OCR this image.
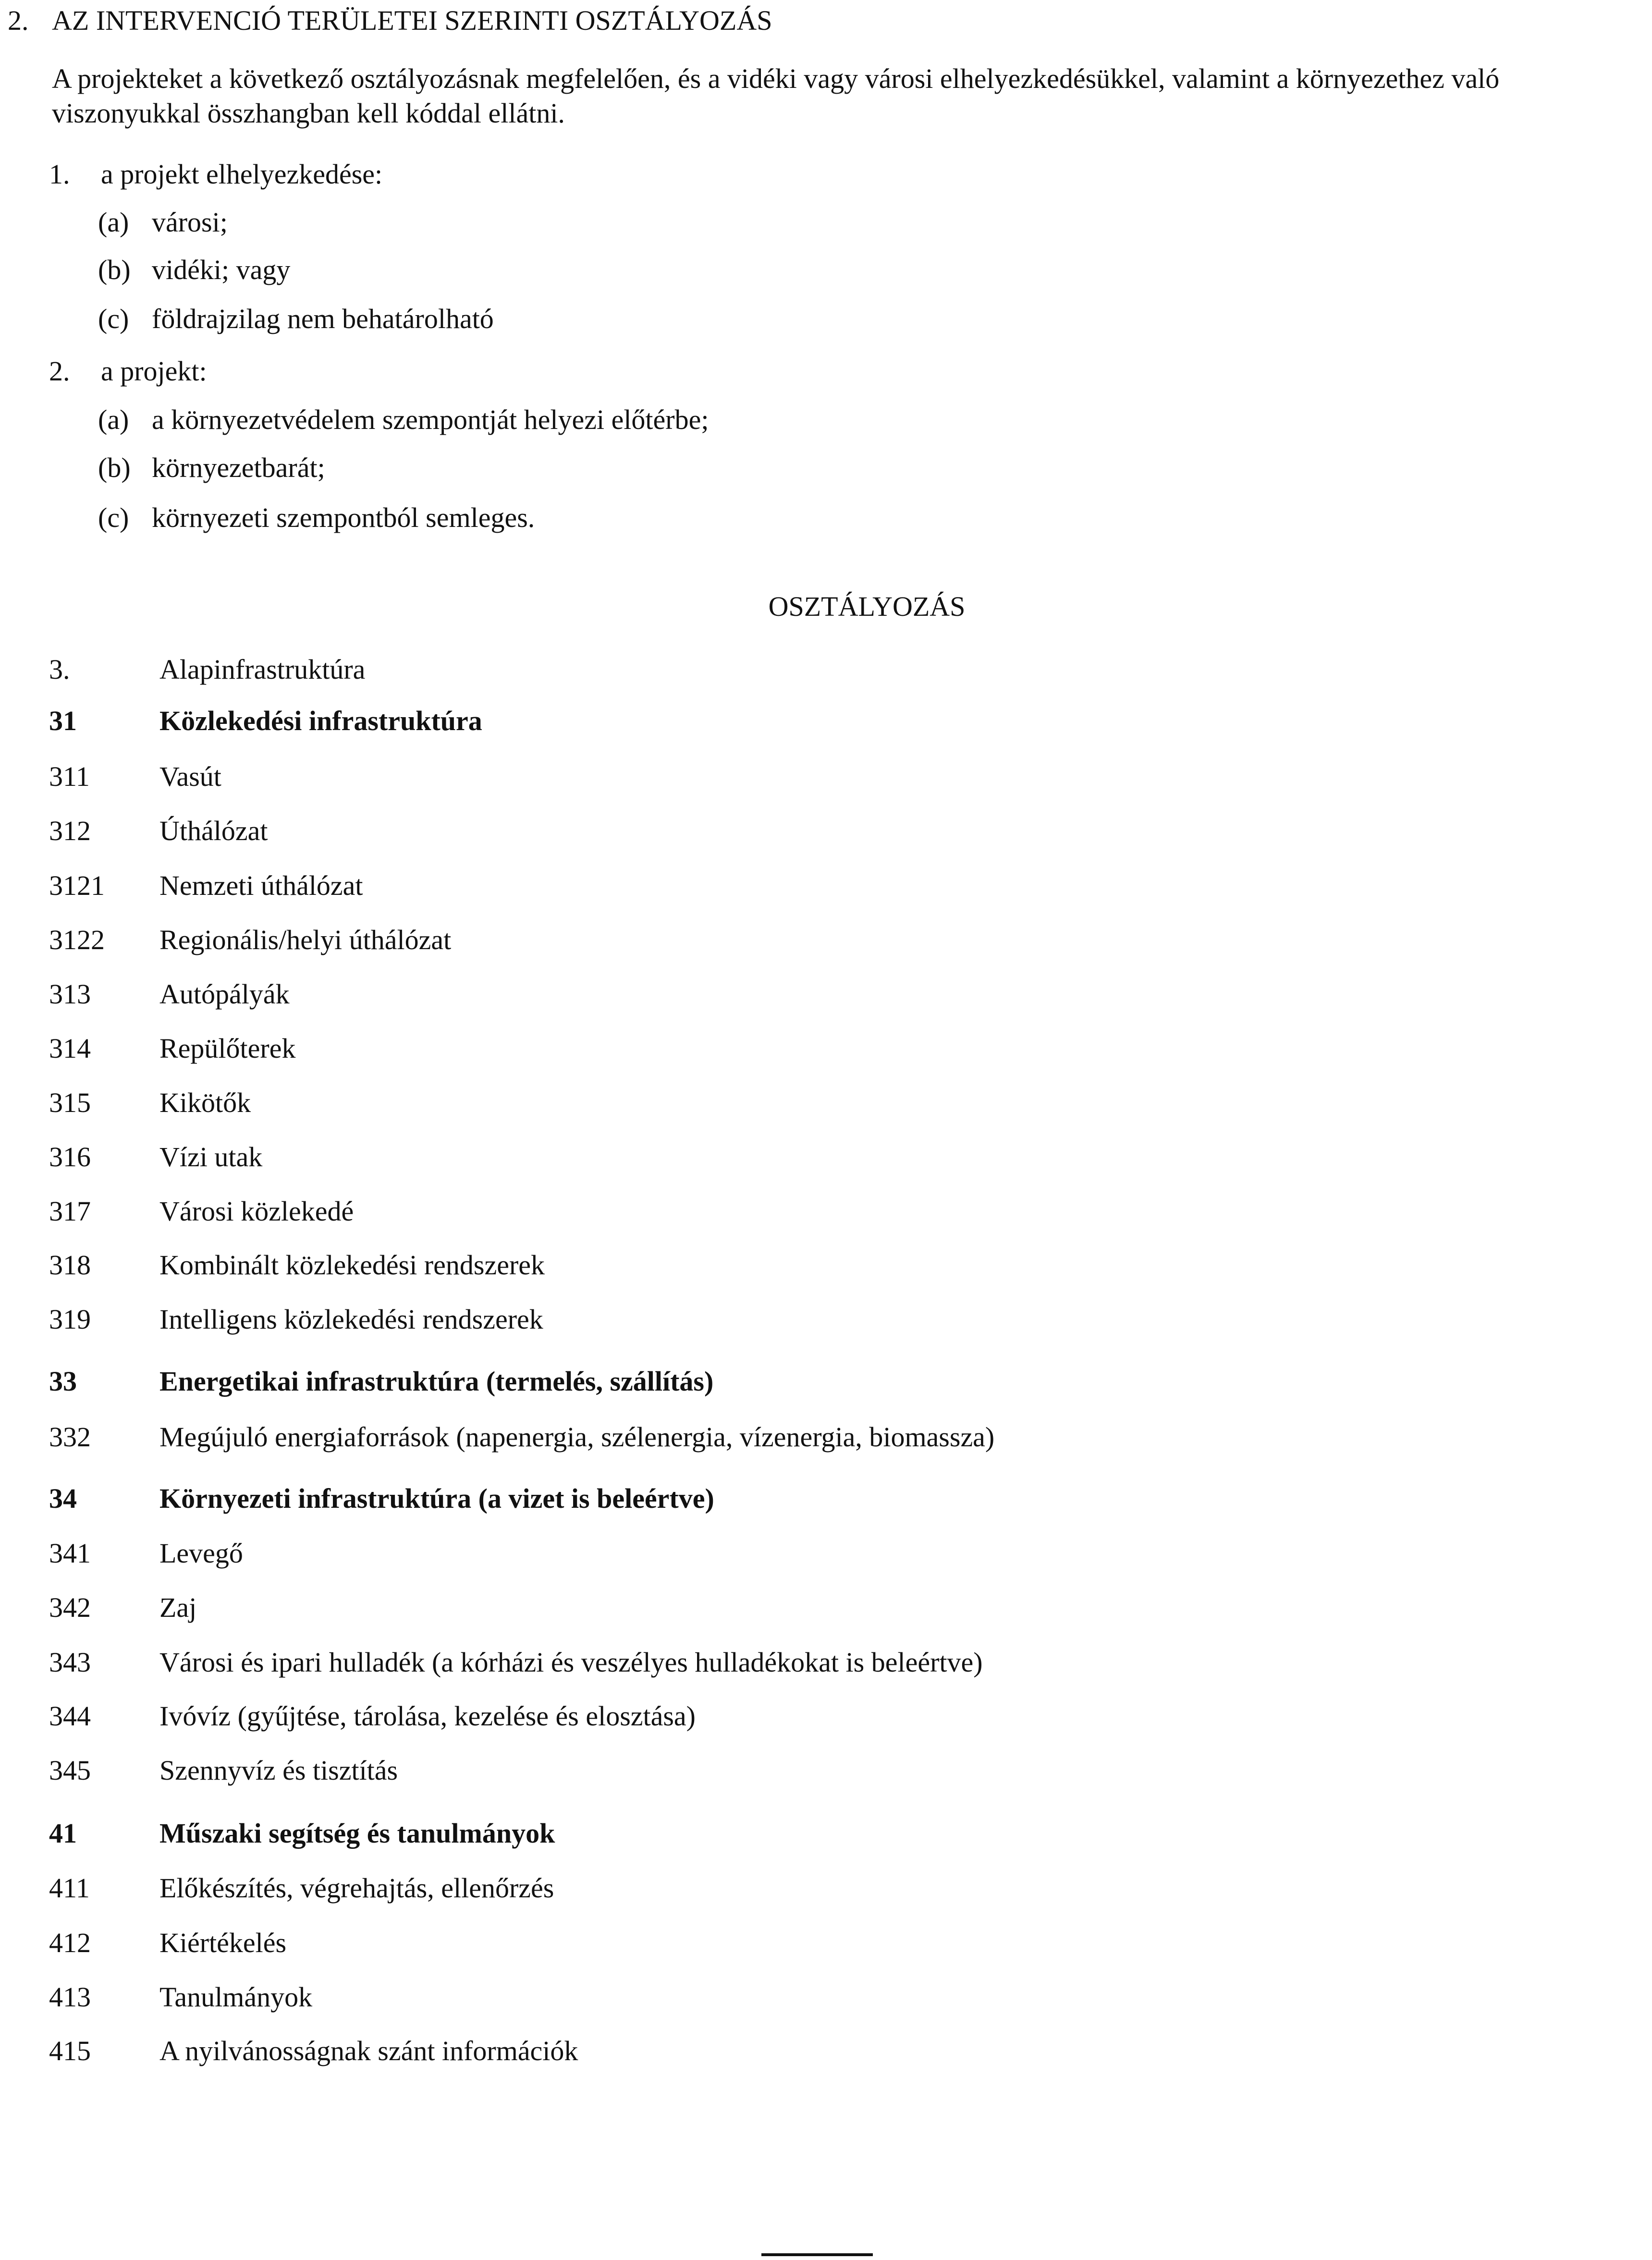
2. AZ INTERVENCIÓ TERÜLETEI SZERINTI OSZTÁLYOZÁS
A projekteket a következő osztályozásnak megfelelően, és a vidéki vagy városi elhelyezkedésükkel, valamint a környezethez való viszonyukkal összhangban kell kóddal ellátni.
1. a projekt elhelyezkedése:
(a) városi;
(b) vidéki; vagy
(c) földrajzilag nem behatárolható
2. a projekt:
(a) a környezetvédelem szempontját helyezi előtérbe;
(b) környezetbarát;
(c) környezeti szempontból semleges.
OSZTÁLYOZÁS
3.	Alapinfrastruktúra
31	Közlekedési infrastruktúra
311	Vasút
312 Úthálózat
3121 Nemzeti úthálózat
3122 Regionális/helyi úthálózat
313 Autópályák
314 Repülőterek
315 Kikötők
316 Vízi utak
317 Városi közlekedé
318 Kombinált közlekedési rendszerek
319 Intelligens közlekedési rendszerek
33	Energetikai infrastruktúra (termelés, szállítás)
332 Megújuló energiaforrások (napenergia, szélenergia, vízenergia, biomassza)
34	Környezeti infrastruktúra (a vizet is beleértve)
341 Levegő
342 Zaj
343 Városi és ipari hulladék (a kórházi és veszélyes hulladékokat is beleértve)
344 Ivóvíz (gyűjtése, tárolása, kezelése és elosztása)
345 Szennyvíz és tisztítás
41	Műszaki segítség és tanulmányok
411	Előkészítés, végrehajtás, ellenőrzés
412 Kiértékelés
413 Tanulmányok
415 A nyilvánosságnak szánt információk
